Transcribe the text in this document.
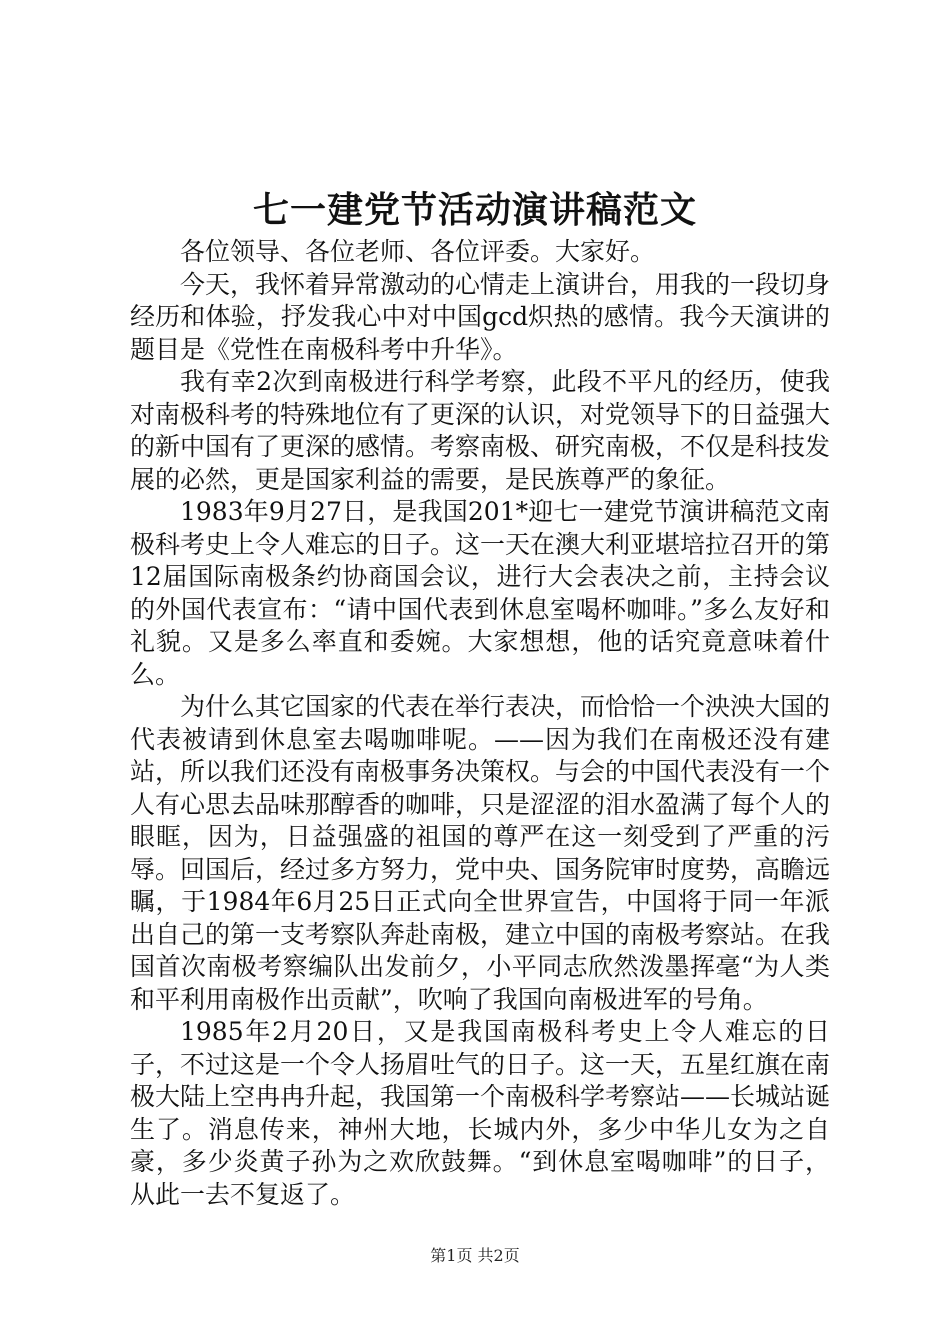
七一建党节活动演讲稿范文

各位领导、各位老师、各位评委。大家好。

今天，我怀着异常激动的心情走上演讲台，用我的一段切身经历和体验，抒发我心中对中国gcd炽热的感情。我今天演讲的题目是《党性在南极科考中升华》。

我有幸2次到南极进行科学考察，此段不平凡的经历，使我对南极科考的特殊地位有了更深的认识，对党领导下的日益强大的新中国有了更深的感情。考察南极、研究南极，不仅是科技发展的必然，更是国家利益的需要，是民族尊严的象征。

1983年9月27日，是我国201*迎七一建党节演讲稿范文南极科考史上令人难忘的日子。这一天在澳大利亚堪培拉召开的第12届国际南极条约协商国会议，进行大会表决之前，主持会议的外国代表宣布：“请中国代表到休息室喝杯咖啡。”多么友好和礼貌。又是多么率直和委婉。大家想想，他的话究竟意味着什么。

为什么其它国家的代表在举行表决，而恰恰一个泱泱大国的代表被请到休息室去喝咖啡呢。——因为我们在南极还没有建站，所以我们还没有南极事务决策权。与会的中国代表没有一个人有心思去品味那醇香的咖啡，只是涩涩的泪水盈满了每个人的眼眶，因为，日益强盛的祖国的尊严在这一刻受到了严重的污辱。回国后，经过多方努力，党中央、国务院审时度势，高瞻远瞩，于1984年6月25日正式向全世界宣告，中国将于同一年派出自己的第一支考察队奔赴南极，建立中国的南极考察站。在我国首次南极考察编队出发前夕，小平同志欣然泼墨挥毫“为人类和平利用南极作出贡献”，吹响了我国向南极进军的号角。

1985年2月20日，又是我国南极科考史上令人难忘的日子，不过这是一个令人扬眉吐气的日子。这一天，五星红旗在南极大陆上空冉冉升起，我国第一个南极科学考察站——长城站诞生了。消息传来，神州大地，长城内外，多少中华儿女为之自豪，多少炎黄子孙为之欢欣鼓舞。“到休息室喝咖啡”的日子，从此一去不复返了。

第1页 共2页
